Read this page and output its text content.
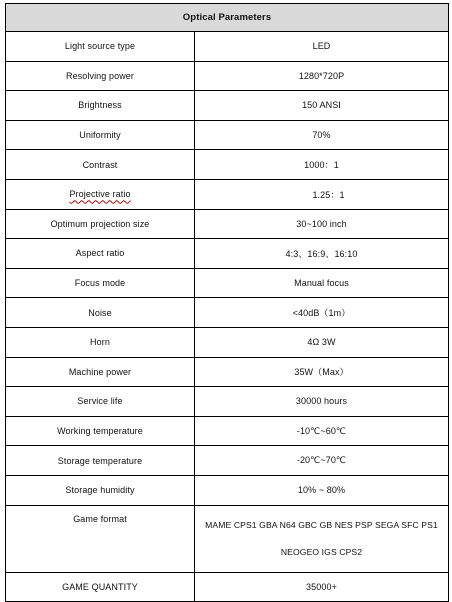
Optical Parameters	
Light source type	LED
Resolving power	1280*720P
Brightness	150 ANSI
Uniformity	70%
Contrast	1000：1
Projective ratio	1.25：1
Optimum projection size	30~100 inch
Aspect ratio	4:3、16:9、16:10
Focus mode	Manual focus
Noise	<40dB（1m）
Horn	4Ω 3W
Machine power	35W（Max）
Service life	30000 hours
Working temperature	-10℃~60℃
Storage temperature	-20℃~70℃
Storage humidity	10% ~ 80%
Game format	MAME CPS1 GBA N64 GBC GB NES PSP SEGA SFC PS1
NEOGEO IGS CPS2

GAME QUANTITY	35000+
